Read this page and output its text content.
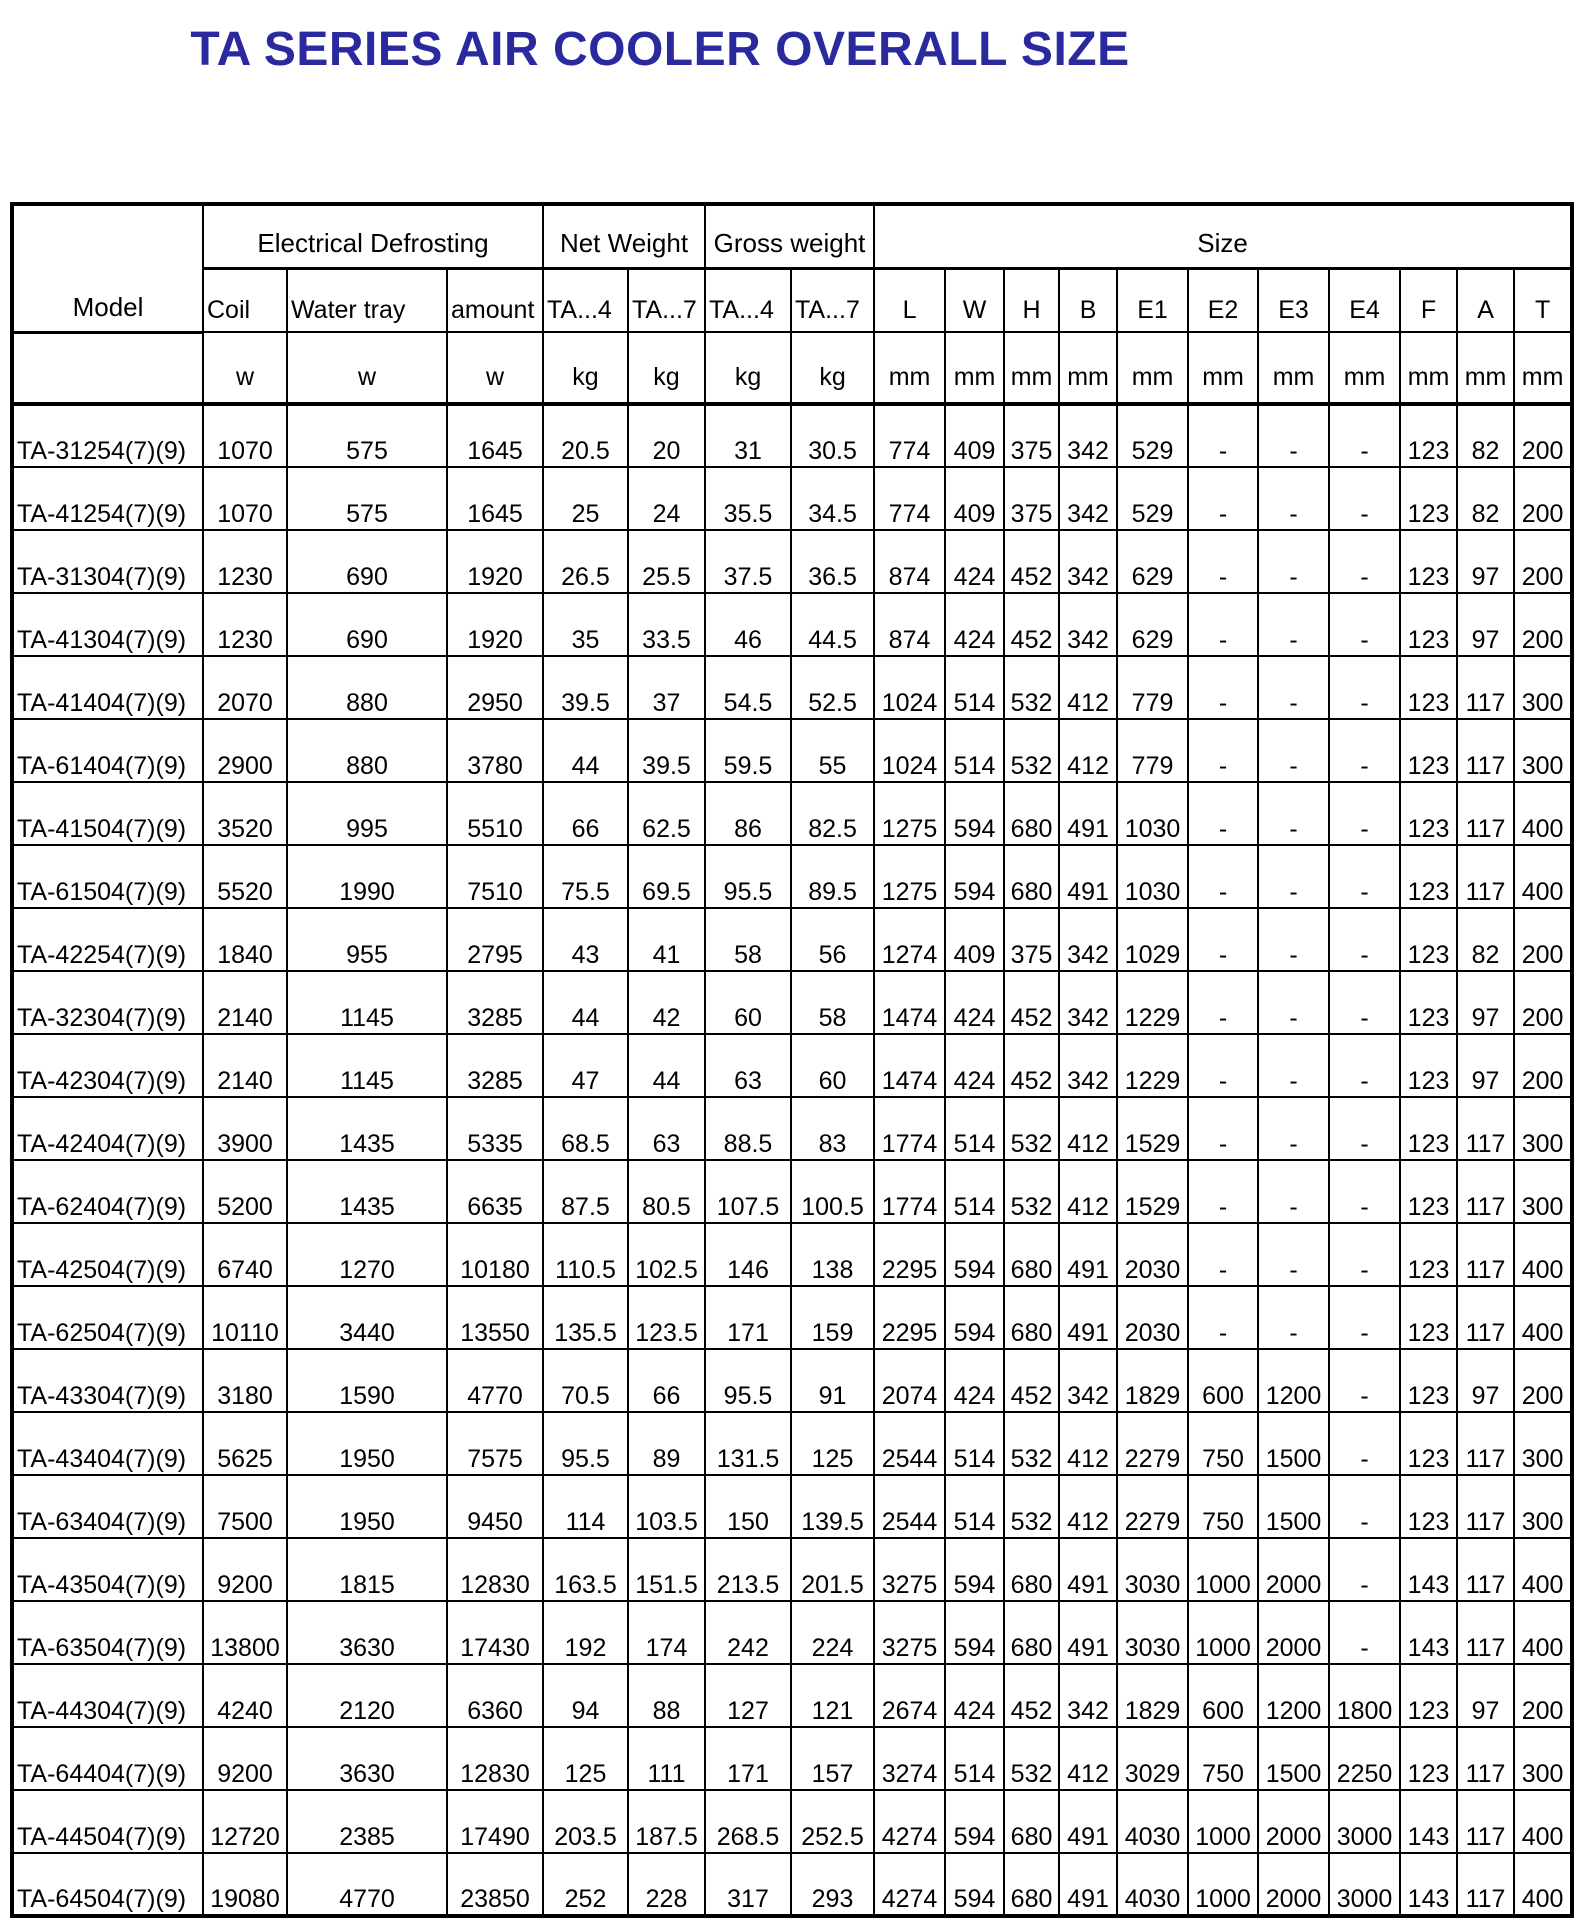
TA SERIES AIR COOLER OVERALL SIZE
Model	Electrical Defrosting			Net Weight		Gross weight		Size										
	Coil	Water tray	amount	TA...4	TA...7	TA...4	TA...7	L	W	H	B	E1	E2	E3	E4	F	A	T
	w	w	w	kg	kg	kg	kg	mm	mm	mm	mm	mm	mm	mm	mm	mm	mm	mm
TA-31254(7)(9)	1070	575	1645	20.5	20	31	30.5	774	409	375	342	529	-	-	-	123	82	200
TA-41254(7)(9)	1070	575	1645	25	24	35.5	34.5	774	409	375	342	529	-	-	-	123	82	200
TA-31304(7)(9)	1230	690	1920	26.5	25.5	37.5	36.5	874	424	452	342	629	-	-	-	123	97	200
TA-41304(7)(9)	1230	690	1920	35	33.5	46	44.5	874	424	452	342	629	-	-	-	123	97	200
TA-41404(7)(9)	2070	880	2950	39.5	37	54.5	52.5	1024	514	532	412	779	-	-	-	123	117	300
TA-61404(7)(9)	2900	880	3780	44	39.5	59.5	55	1024	514	532	412	779	-	-	-	123	117	300
TA-41504(7)(9)	3520	995	5510	66	62.5	86	82.5	1275	594	680	491	1030	-	-	-	123	117	400
TA-61504(7)(9)	5520	1990	7510	75.5	69.5	95.5	89.5	1275	594	680	491	1030	-	-	-	123	117	400
TA-42254(7)(9)	1840	955	2795	43	41	58	56	1274	409	375	342	1029	-	-	-	123	82	200
TA-32304(7)(9)	2140	1145	3285	44	42	60	58	1474	424	452	342	1229	-	-	-	123	97	200
TA-42304(7)(9)	2140	1145	3285	47	44	63	60	1474	424	452	342	1229	-	-	-	123	97	200
TA-42404(7)(9)	3900	1435	5335	68.5	63	88.5	83	1774	514	532	412	1529	-	-	-	123	117	300
TA-62404(7)(9)	5200	1435	6635	87.5	80.5	107.5	100.5	1774	514	532	412	1529	-	-	-	123	117	300
TA-42504(7)(9)	6740	1270	10180	110.5	102.5	146	138	2295	594	680	491	2030	-	-	-	123	117	400
TA-62504(7)(9)	10110	3440	13550	135.5	123.5	171	159	2295	594	680	491	2030	-	-	-	123	117	400
TA-43304(7)(9)	3180	1590	4770	70.5	66	95.5	91	2074	424	452	342	1829	600	1200	-	123	97	200
TA-43404(7)(9)	5625	1950	7575	95.5	89	131.5	125	2544	514	532	412	2279	750	1500	-	123	117	300
TA-63404(7)(9)	7500	1950	9450	114	103.5	150	139.5	2544	514	532	412	2279	750	1500	-	123	117	300
TA-43504(7)(9)	9200	1815	12830	163.5	151.5	213.5	201.5	3275	594	680	491	3030	1000	2000	-	143	117	400
TA-63504(7)(9)	13800	3630	17430	192	174	242	224	3275	594	680	491	3030	1000	2000	-	143	117	400
TA-44304(7)(9)	4240	2120	6360	94	88	127	121	2674	424	452	342	1829	600	1200	1800	123	97	200
TA-64404(7)(9)	9200	3630	12830	125	111	171	157	3274	514	532	412	3029	750	1500	2250	123	117	300
TA-44504(7)(9)	12720	2385	17490	203.5	187.5	268.5	252.5	4274	594	680	491	4030	1000	2000	3000	143	117	400
TA-64504(7)(9)	19080	4770	23850	252	228	317	293	4274	594	680	491	4030	1000	2000	3000	143	117	400
